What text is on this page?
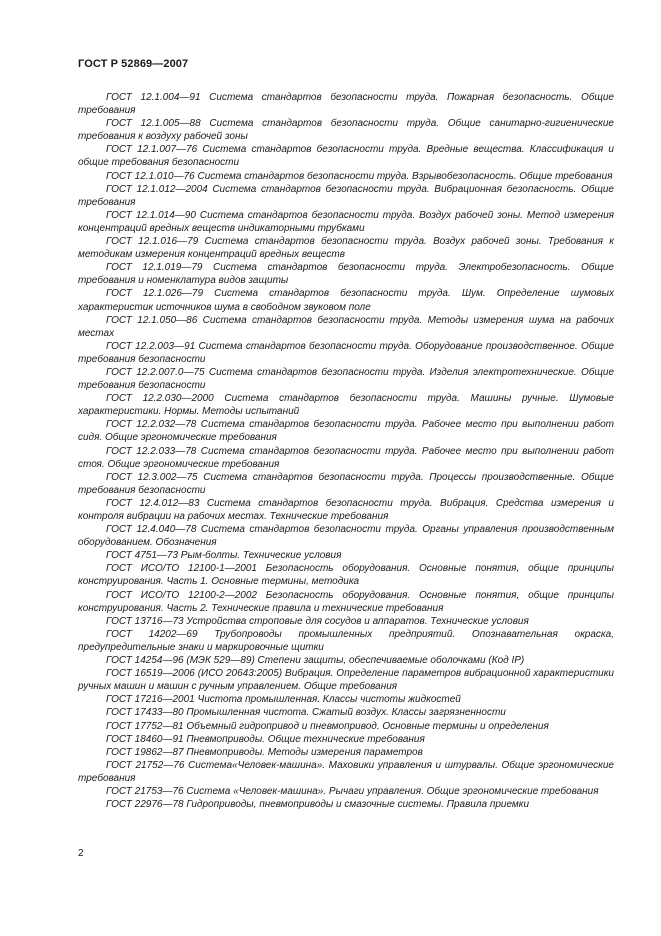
ГОСТ Р 52869—2007

ГОСТ 12.1.004—91 Система стандартов безопасности труда. Пожарная безопасность. Общие требования

ГОСТ 12.1.005—88 Система стандартов безопасности труда. Общие санитарно-гигиенические требования к воздуху рабочей зоны

ГОСТ 12.1.007—76 Система стандартов безопасности труда. Вредные вещества. Классификация и общие требования безопасности

ГОСТ 12.1.010—76 Система стандартов безопасности труда. Взрывобезопасность. Общие требования

ГОСТ 12.1.012—2004 Система стандартов безопасности труда. Вибрационная безопасность. Общие требования

ГОСТ 12.1.014—90 Система стандартов безопасности труда. Воздух рабочей зоны. Метод измерения концентраций вредных веществ индикаторными трубками

ГОСТ 12.1.016—79 Система стандартов безопасности труда. Воздух рабочей зоны. Требования к методикам измерения концентраций вредных веществ

ГОСТ 12.1.019—79 Система стандартов безопасности труда. Электробезопасность. Общие требования и номенклатура видов защиты

ГОСТ 12.1.026—79 Система стандартов безопасности труда. Шум. Определение шумовых характеристик источников шума в свободном звуковом поле

ГОСТ 12.1.050—86 Система стандартов безопасности труда. Методы измерения шума на рабочих местах

ГОСТ 12.2.003—91 Система стандартов безопасности труда. Оборудование производственное. Общие требования безопасности

ГОСТ 12.2.007.0—75 Система стандартов безопасности труда. Изделия электротехнические. Общие требования безопасности

ГОСТ 12.2.030—2000 Система стандартов безопасности труда. Машины ручные. Шумовые характеристики. Нормы. Методы испытаний

ГОСТ 12.2.032—78 Система стандартов безопасности труда. Рабочее место при выполнении работ сидя. Общие эргономические требования

ГОСТ 12.2.033—78 Система стандартов безопасности труда. Рабочее место при выполнении работ стоя. Общие эргономические требования

ГОСТ 12.3.002—75 Система стандартов безопасности труда. Процессы производственные. Общие требования безопасности

ГОСТ 12.4.012—83 Система стандартов безопасности труда. Вибрация. Средства измерения и контроля вибрации на рабочих местах. Технические требования

ГОСТ 12.4.040—78 Система стандартов безопасности труда. Органы управления производственным оборудованием. Обозначения

ГОСТ 4751—73 Рым-болты. Технические условия

ГОСТ ИСО/ТО 12100-1—2001 Безопасность оборудования. Основные понятия, общие принципы конструирования. Часть 1. Основные термины, методика

ГОСТ ИСО/ТО 12100-2—2002 Безопасность оборудования. Основные понятия, общие принципы конструирования. Часть 2. Технические правила и технические требования

ГОСТ 13716—73 Устройства строповые для сосудов и аппаратов. Технические условия

ГОСТ 14202—69 Трубопроводы промышленных предприятий. Опознавательная окраска, предупредительные знаки и маркировочные щитки

ГОСТ 14254—96 (МЭК 529—89) Степени защиты, обеспечиваемые оболочками (Код IP)

ГОСТ 16519—2006 (ИСО 20643:2005) Вибрация. Определение параметров вибрационной характеристики ручных машин и машин с ручным управлением. Общие требования

ГОСТ 17216—2001 Чистота промышленная. Классы чистоты жидкостей

ГОСТ 17433—80 Промышленная чистота. Сжатый воздух. Классы загрязненности

ГОСТ 17752—81 Объемный гидропривод и пневмопривод. Основные термины и определения

ГОСТ 18460—91 Пневмоприводы. Общие технические требования

ГОСТ 19862—87 Пневмоприводы. Методы измерения параметров

ГОСТ 21752—76 Система«Человек-машина». Маховики управления и штурвалы. Общие эргономические требования

ГОСТ 21753—76 Система «Человек-машина». Рычаги управления. Общие эргономические требования

ГОСТ 22976—78 Гидроприводы, пневмоприводы и смазочные системы. Правила приемки

2
